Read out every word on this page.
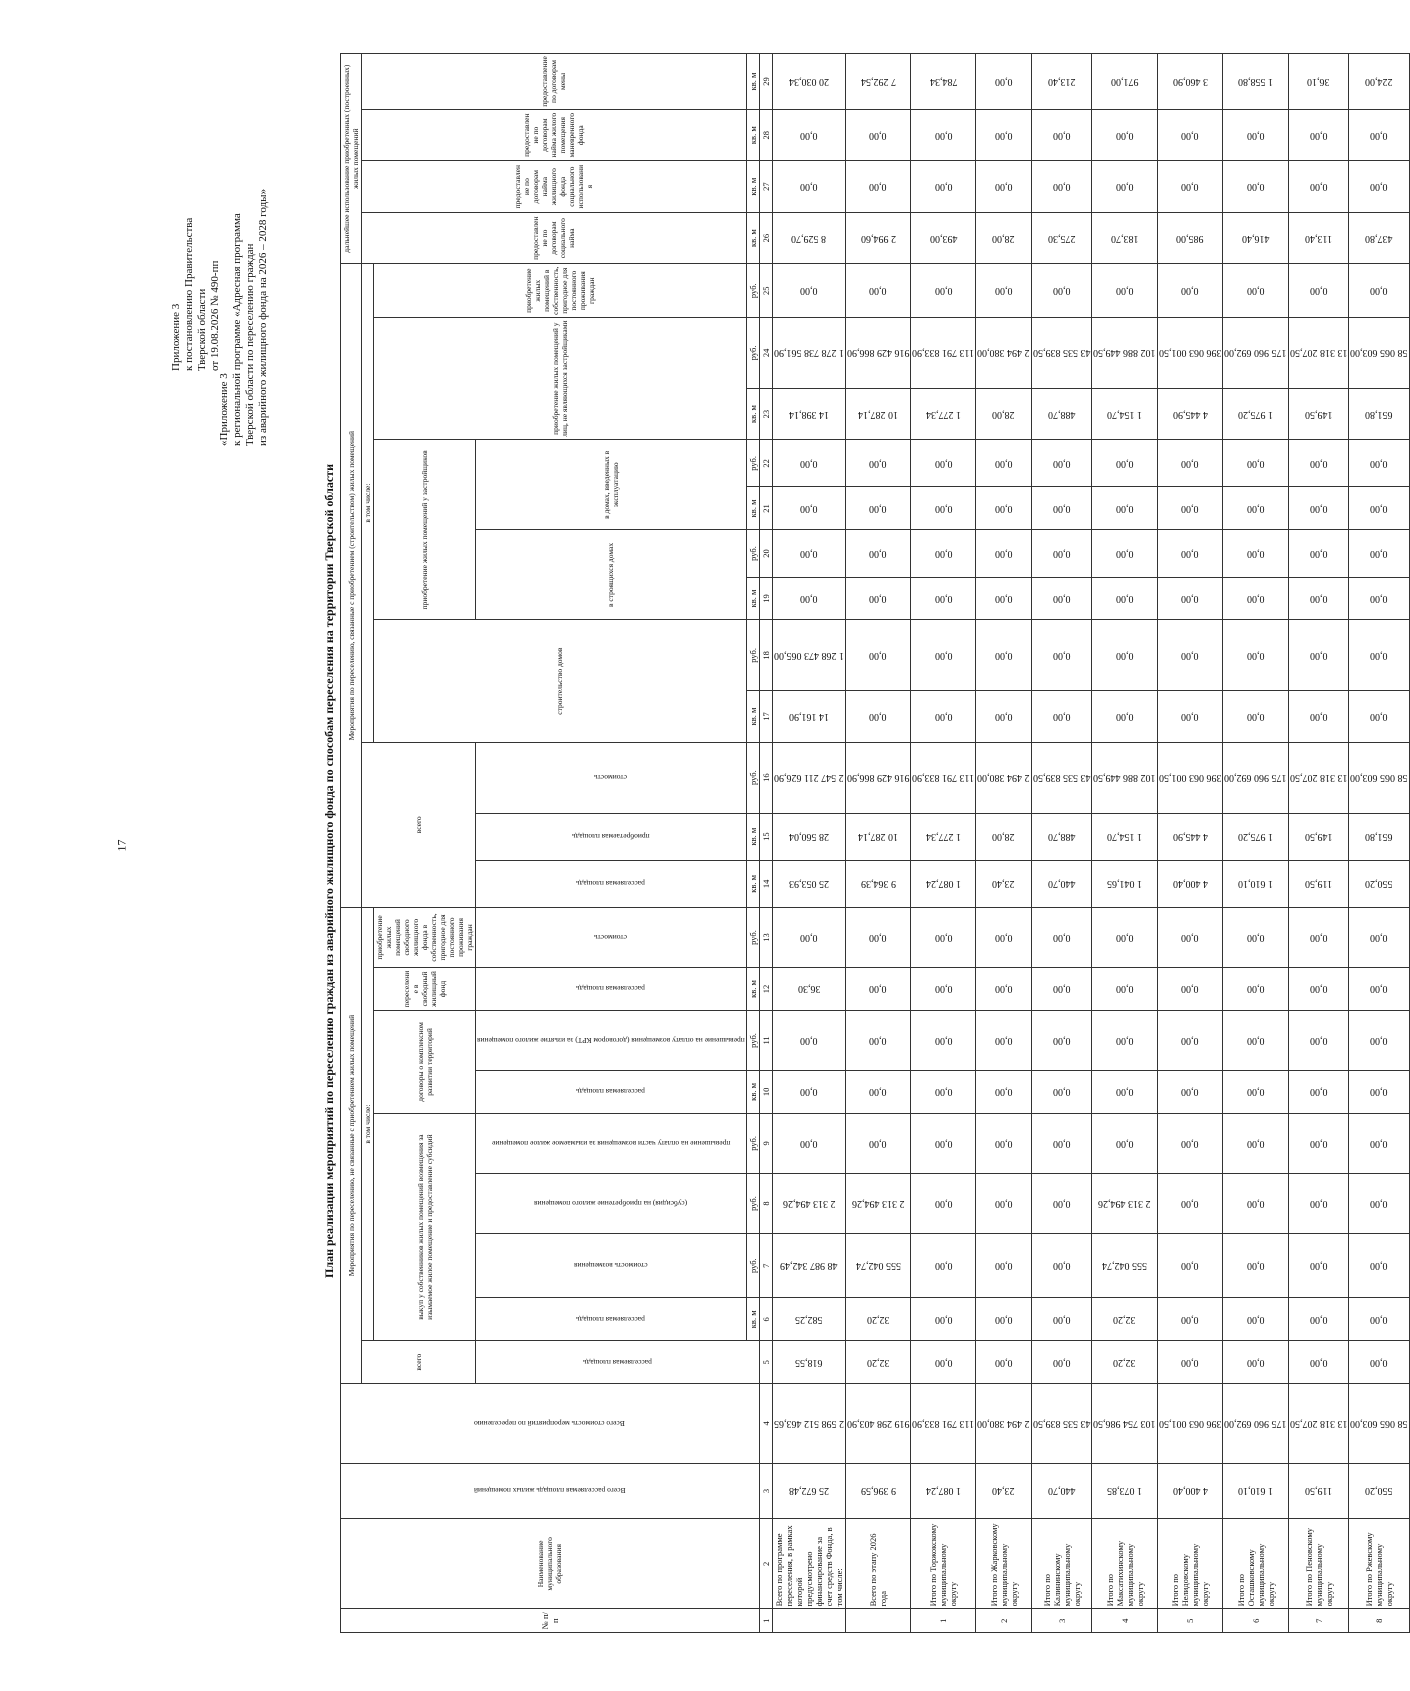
17
Приложение 3 к постановлению Правительства Тверской области от 19.08.2026 № 490-пп
«Приложение 3 к региональной программе «Адресная программа Тверской области по переселению граждан из аварийного жилищного фонда на 2026 – 2028 годы»
План реализации мероприятий по переселению граждан из аварийного жилищного фонда по способам переселения на территории Тверской области
№ п/п	Наименование муниципального образования	Всего расселяемая площадь жилых помещений	Всего стоимость мероприятий по переселению	Мероприятия по переселению, не связанные с приобретением жилых помещений									Мероприятия по переселению, связанные с приобретением (строительством) жилых помещений												дальнейшее использование приобретенных (построенных) жилых помещений			
				всего	в том числе:								всего			в том числе:									предоставление по договорам социального найма	предоставление по договорам найма жилищного фонда социального использования	предоставление по договорам найма жилого помещения маневренного фонда	предоставление по договорам мены
					выкуп у собственников жилых помещений возмещения за изымаемое жилое помещение и предоставление субсидий				договоры о комплексном развитии территорий		переселение в свободный жилищный фонд	приобретение жилых помещений свободного жилищного фонда в собственность, пригодное для постоянного проживания граждан				строительство домов		приобретение жилых помещений у застройщиков				приобретение жилых помещений у лиц, не являющихся застройщиками		приобретение жилых помещений в собственность, пригодное для постоянного проживания граждан				

				расселяемая площадь	расселяемая площадь	стоимость возмещения	(субсидия) на приобретение жилого помещения	превышение на оплату части возмещения за изымаемое жилое помещение	расселяемая площадь	превышение на оплату возмещения (договором КРТ) за изъятие жилого помещения	расселяемая площадь	стоимость	расселяемая площадь	приобретаемая площадь	стоимость			в строящихся домах		в домах, введенных в эксплуатацию								
					кв. м	руб.	руб.	руб.	кв. м	руб.	кв. м	руб.	кв. м	кв. м	руб.	кв. м	руб.	кв. м	руб.	кв. м	руб.	кв. м	руб.	руб.	кв. м	кв. м	кв. м	кв. м
1	2	3	4	5	6	7	8	9	10	11	12	13	14	15	16	17	18	19	20	21	22	23	24	25	26	27	28	29
	Всего по программе переселения, в рамках которой предусмотрено финансирование за счет средств Фонда, в том числе:	25 672,48	2 598 512 463,65	618,55	582,25	48 987 342,49	2 313 494,26	0,00	0,00	0,00	36,30	0,00	25 053,93	28 560,04	2 547 211 626,90	14 161,90	1 268 473 065,00	0,00	0,00	0,00	0,00	14 398,14	1 278 738 561,90	0,00	8 529,70	0,00	0,00	20 030,34

	Всего по этапу 2026 года	9 396,59	919 298 403,90	32,20	32,20	555 042,74	2 313 494,26	0,00	0,00	0,00	0,00	0,00	9 364,39	10 287,14	916 429 866,90	0,00	0,00	0,00	0,00	0,00	0,00	10 287,14	916 429 866,90	0,00	2 994,60	0,00	0,00	7 292,54

1	Итого по Торжокскому муниципальному округу	1 087,24	113 791 833,90	0,00	0,00	0,00	0,00	0,00	0,00	0,00	0,00	0,00	1 087,24	1 277,34	113 791 833,90	0,00	0,00	0,00	0,00	0,00	0,00	1 277,34	113 791 833,90	0,00	493,00	0,00	0,00	784,34

2	Итого по Жарковскому муниципальному округу	23,40	2 494 380,00	0,00	0,00	0,00	0,00	0,00	0,00	0,00	0,00	0,00	23,40	28,00	2 494 380,00	0,00	0,00	0,00	0,00	0,00	0,00	28,00	2 494 380,00	0,00	28,00	0,00	0,00	0,00

3	Итого по Калининскому муниципальному округу	440,70	43 535 839,50	0,00	0,00	0,00	0,00	0,00	0,00	0,00	0,00	0,00	440,70	488,70	43 535 839,50	0,00	0,00	0,00	0,00	0,00	0,00	488,70	43 535 839,50	0,00	275,30	0,00	0,00	213,40

4	Итого по Максатихинскому муниципальному округу	1 073,85	103 754 986,50	32,20	32,20	555 042,74	2 313 494,26	0,00	0,00	0,00	0,00	0,00	1 041,65	1 154,70	102 886 449,50	0,00	0,00	0,00	0,00	0,00	0,00	1 154,70	102 886 449,50	0,00	183,70	0,00	0,00	971,00

5	Итого по Нелидовскому муниципальному округу	4 400,40	396 063 001,50	0,00	0,00	0,00	0,00	0,00	0,00	0,00	0,00	0,00	4 400,40	4 445,90	396 063 001,50	0,00	0,00	0,00	0,00	0,00	0,00	4 445,90	396 063 001,50	0,00	985,00	0,00	0,00	3 460,90

6	Итого по Осташковскому муниципальному округу	1 610,10	175 960 692,00	0,00	0,00	0,00	0,00	0,00	0,00	0,00	0,00	0,00	1 610,10	1 975,20	175 960 692,00	0,00	0,00	0,00	0,00	0,00	0,00	1 975,20	175 960 692,00	0,00	416,40	0,00	0,00	1 558,80

7	Итого по Пеновскому муниципальному округу	119,50	13 318 207,50	0,00	0,00	0,00	0,00	0,00	0,00	0,00	0,00	0,00	119,50	149,50	13 318 207,50	0,00	0,00	0,00	0,00	0,00	0,00	149,50	13 318 207,50	0,00	113,40	0,00	0,00	36,10

8	Итого по Ржевскому муниципальному округу	550,20	58 065 603,00	0,00	0,00	0,00	0,00	0,00	0,00	0,00	0,00	0,00	550,20	651,80	58 065 603,00	0,00	0,00	0,00	0,00	0,00	0,00	651,80	58 065 603,00	0,00	437,80	0,00	0,00	224,00
